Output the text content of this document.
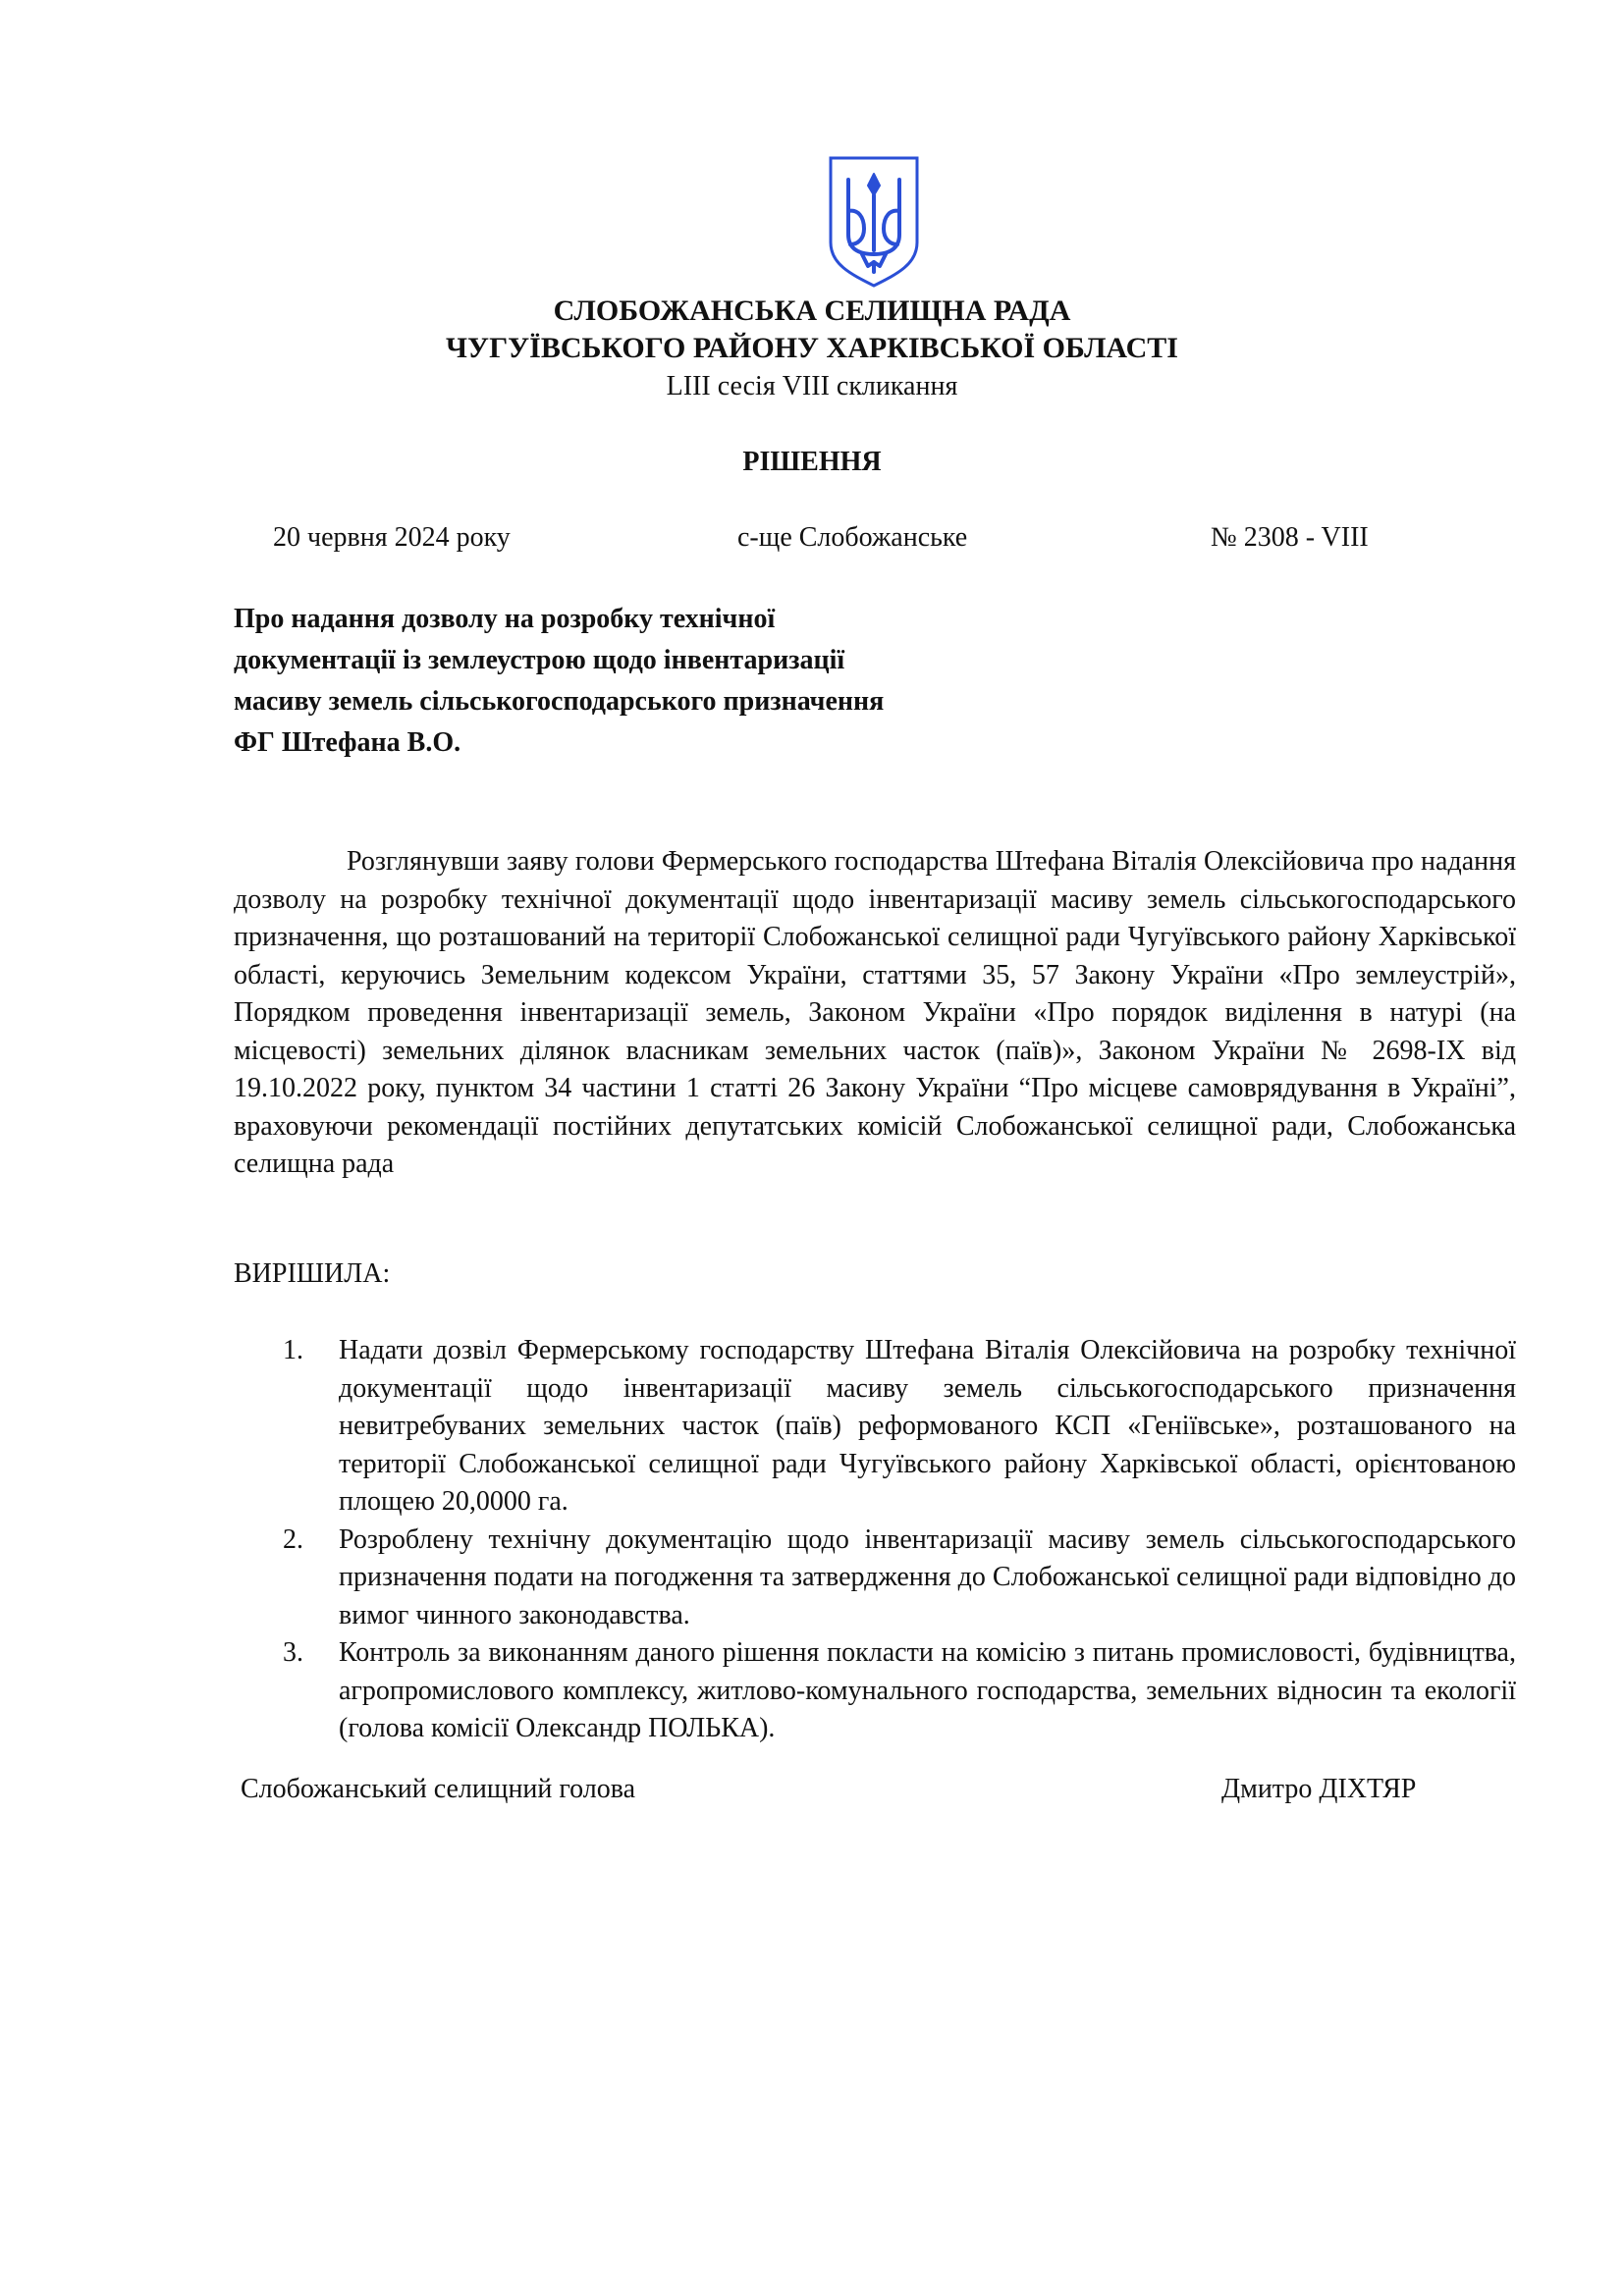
СЛОБОЖАНСЬКА СЕЛИЩНА РАДА
ЧУГУЇВСЬКОГО РАЙОНУ ХАРКІВСЬКОЇ ОБЛАСТІ
LIII сесія VIII скликання
РІШЕННЯ
20 червня 2024 року	с-ще Слобожанське	№ 2308 - VIII
Про надання дозволу на розробку технічної
документації із землеустрою щодо інвентаризації
масиву земель сільськогосподарського призначення
ФГ Штефана В.О.

Розглянувши заяву голови Фермерського господарства Штефана Віталія Олексійовича про надання дозволу на розробку технічної документації щодо інвентаризації масиву земель сільськогосподарського призначення, що розташований на території Слобожанської селищної ради Чугуївського району Харківської області, керуючись Земельним кодексом України, статтями 35, 57 Закону України «Про землеустрій», Порядком проведення інвентаризації земель, Законом України «Про порядок виділення в натурі (на місцевості) земельних ділянок власникам земельних часток (паїв)», Законом України № 2698-ІХ від 19.10.2022 року, пунктом 34 частини 1 статті 26 Закону України “Про місцеве самоврядування в Україні”, враховуючи рекомендації постійних депутатських комісій Слобожанської селищної ради, Слобожанська селищна рада

ВИРІШИЛА:
1. Надати дозвіл Фермерському господарству Штефана Віталія Олексійовича на розробку технічної документації щодо інвентаризації масиву земель сільськогосподарського призначення невитребуваних земельних часток (паїв) реформованого КСП «Геніївське», розташованого на території Слобожанської селищної ради Чугуївського району Харківської області, орієнтованою площею 20,0000 га.
2. Розроблену технічну документацію щодо інвентаризації масиву земель сільськогосподарського призначення подати на погодження та затвердження до Слобожанської селищної ради відповідно до вимог чинного законодавства.
3. Контроль за виконанням даного рішення покласти на комісію з питань промисловості, будівництва, агропромислового комплексу, житлово-комунального господарства, земельних відносин та екології (голова комісії Олександр ПОЛЬКА).
Слобожанський селищний голова	Дмитро ДІХТЯР
